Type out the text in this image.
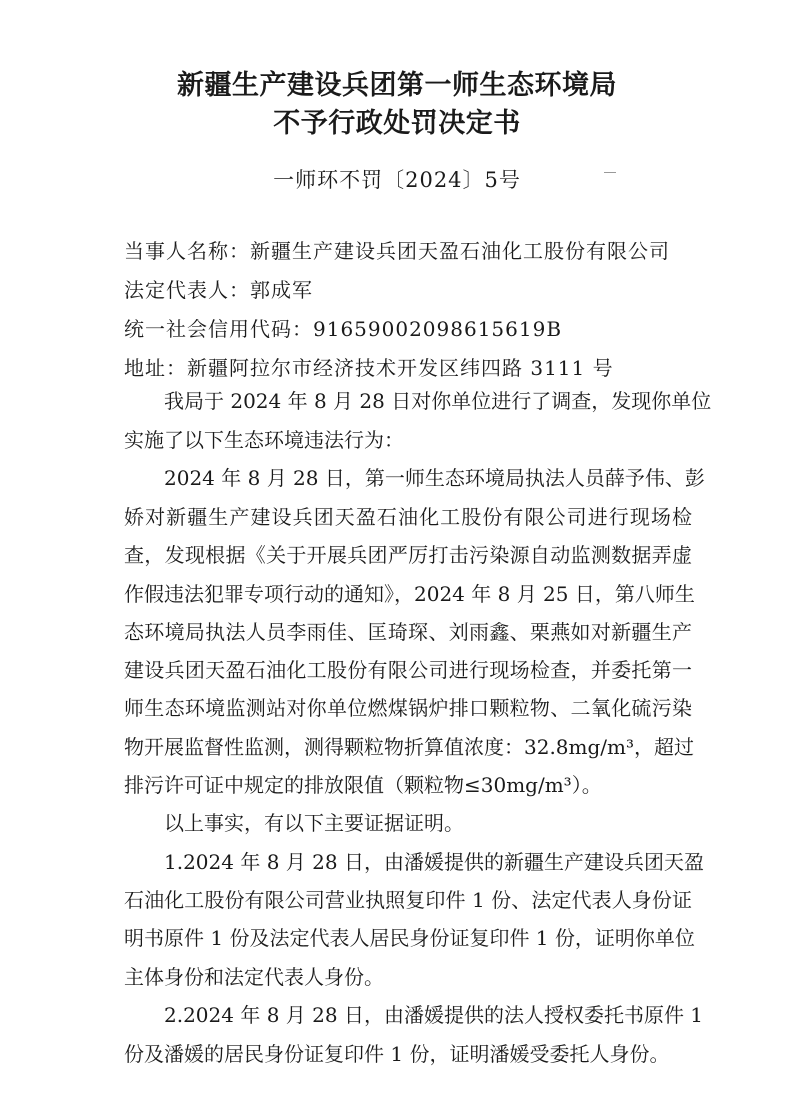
新疆生产建设兵团第一师生态环境局
不予行政处罚决定书
一师环不罚〔2024〕5号
当事人名称：新疆生产建设兵团天盈石油化工股份有限公司
法定代表人：郭成军
统一社会信用代码：91659002098615619B
地址：新疆阿拉尔市经济技术开发区纬四路 3111 号
我局于 2024 年 8 月 28 日对你单位进行了调查，发现你单位
实施了以下生态环境违法行为：
2024 年 8 月 28 日，第一师生态环境局执法人员薛予伟、彭
娇对新疆生产建设兵团天盈石油化工股份有限公司进行现场检
查，发现根据《关于开展兵团严厉打击污染源自动监测数据弄虚
作假违法犯罪专项行动的通知》，2024 年 8 月 25 日，第八师生
态环境局执法人员李雨佳、匡琦琛、刘雨鑫、栗燕如对新疆生产
建设兵团天盈石油化工股份有限公司进行现场检查，并委托第一
师生态环境监测站对你单位燃煤锅炉排口颗粒物、二氧化硫污染
物开展监督性监测，测得颗粒物折算值浓度：32.8mg/m³，超过
排污许可证中规定的排放限值（颗粒物≤30mg/m³）。
以上事实，有以下主要证据证明。
1.2024 年 8 月 28 日，由潘媛提供的新疆生产建设兵团天盈
石油化工股份有限公司营业执照复印件 1 份、法定代表人身份证
明书原件 1 份及法定代表人居民身份证复印件 1 份，证明你单位
主体身份和法定代表人身份。
2.2024 年 8 月 28 日，由潘媛提供的法人授权委托书原件 1
份及潘媛的居民身份证复印件 1 份，证明潘媛受委托人身份。
